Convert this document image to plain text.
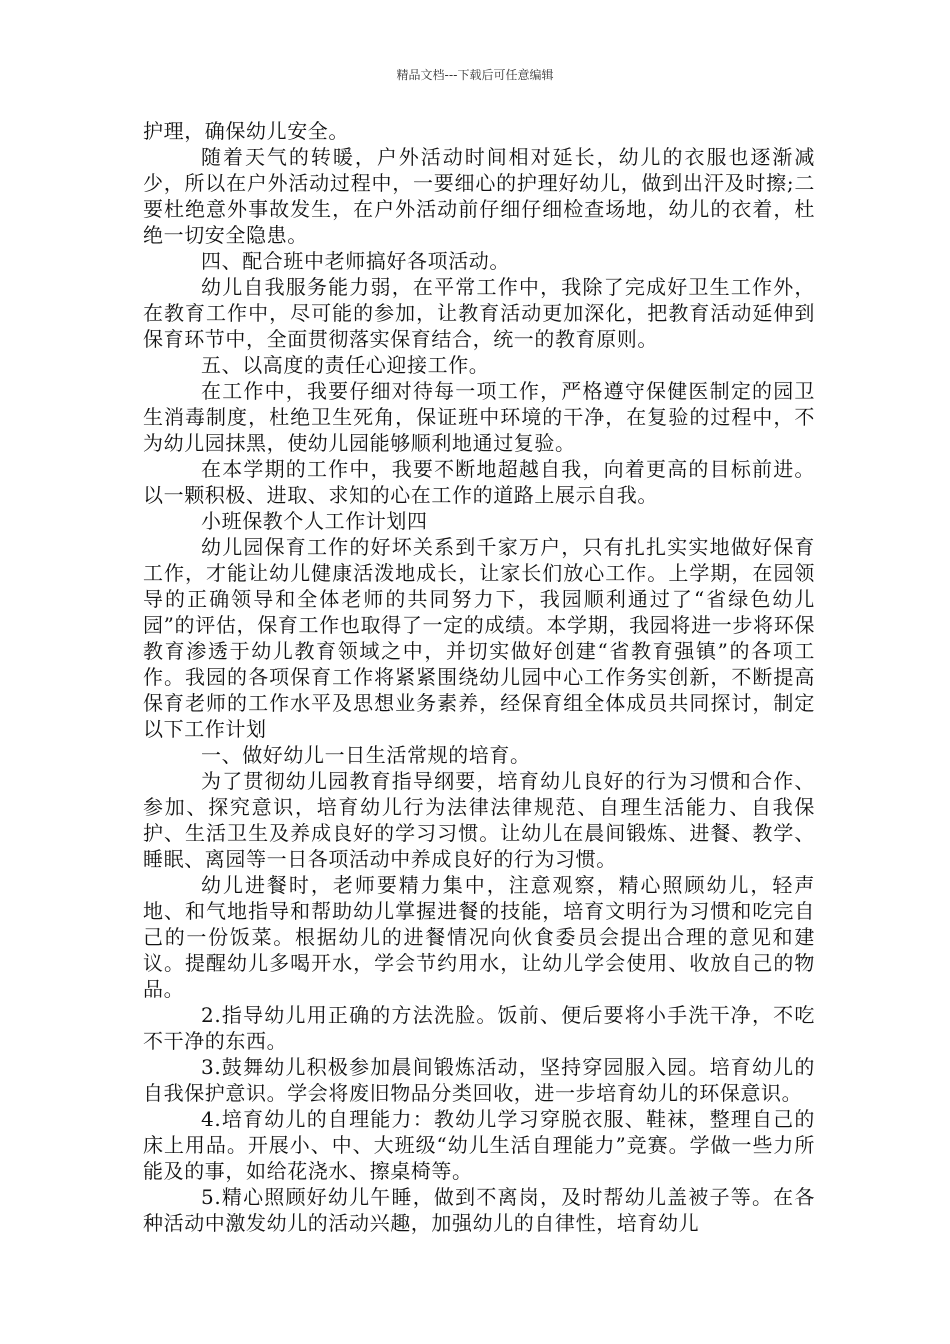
精品文档---下载后可任意编辑

护理，确保幼儿安全。

随着天气的转暖，户外活动时间相对延长，幼儿的衣服也逐渐减少，所以在户外活动过程中，一要细心的护理好幼儿，做到出汗及时擦;二要杜绝意外事故发生，在户外活动前仔细仔细检查场地，幼儿的衣着，杜绝一切安全隐患。

四、配合班中老师搞好各项活动。

幼儿自我服务能力弱，在平常工作中，我除了完成好卫生工作外，在教育工作中，尽可能的参加，让教育活动更加深化，把教育活动延伸到保育环节中，全面贯彻落实保育结合，统一的教育原则。

五、以高度的责任心迎接工作。

在工作中，我要仔细对待每一项工作，严格遵守保健医制定的园卫生消毒制度，杜绝卫生死角，保证班中环境的干净，在复验的过程中，不为幼儿园抹黑，使幼儿园能够顺利地通过复验。

在本学期的工作中，我要不断地超越自我，向着更高的目标前进。以一颗积极、进取、求知的心在工作的道路上展示自我。

小班保教个人工作计划四

幼儿园保育工作的好坏关系到千家万户，只有扎扎实实地做好保育工作，才能让幼儿健康活泼地成长，让家长们放心工作。上学期，在园领导的正确领导和全体老师的共同努力下，我园顺利通过了“省绿色幼儿园”的评估，保育工作也取得了一定的成绩。本学期，我园将进一步将环保教育渗透于幼儿教育领域之中，并切实做好创建“省教育强镇”的各项工作。我园的各项保育工作将紧紧围绕幼儿园中心工作务实创新，不断提高保育老师的工作水平及思想业务素养，经保育组全体成员共同探讨，制定以下工作计划

一、做好幼儿一日生活常规的培育。

为了贯彻幼儿园教育指导纲要，培育幼儿良好的行为习惯和合作、参加、探究意识，培育幼儿行为法律法律规范、自理生活能力、自我保护、生活卫生及养成良好的学习习惯。让幼儿在晨间锻炼、进餐、教学、睡眠、离园等一日各项活动中养成良好的行为习惯。

幼儿进餐时，老师要精力集中，注意观察，精心照顾幼儿，轻声地、和气地指导和帮助幼儿掌握进餐的技能，培育文明行为习惯和吃完自己的一份饭菜。根据幼儿的进餐情况向伙食委员会提出合理的意见和建议。提醒幼儿多喝开水，学会节约用水，让幼儿学会使用、收放自己的物品。

2.指导幼儿用正确的方法洗脸。饭前、便后要将小手洗干净，不吃不干净的东西。

3.鼓舞幼儿积极参加晨间锻炼活动，坚持穿园服入园。培育幼儿的自我保护意识。学会将废旧物品分类回收，进一步培育幼儿的环保意识。

4.培育幼儿的自理能力：教幼儿学习穿脱衣服、鞋袜，整理自己的床上用品。开展小、中、大班级“幼儿生活自理能力”竞赛。学做一些力所能及的事，如给花浇水、擦桌椅等。

5.精心照顾好幼儿午睡，做到不离岗，及时帮幼儿盖被子等。在各种活动中激发幼儿的活动兴趣，加强幼儿的自律性，培育幼儿
